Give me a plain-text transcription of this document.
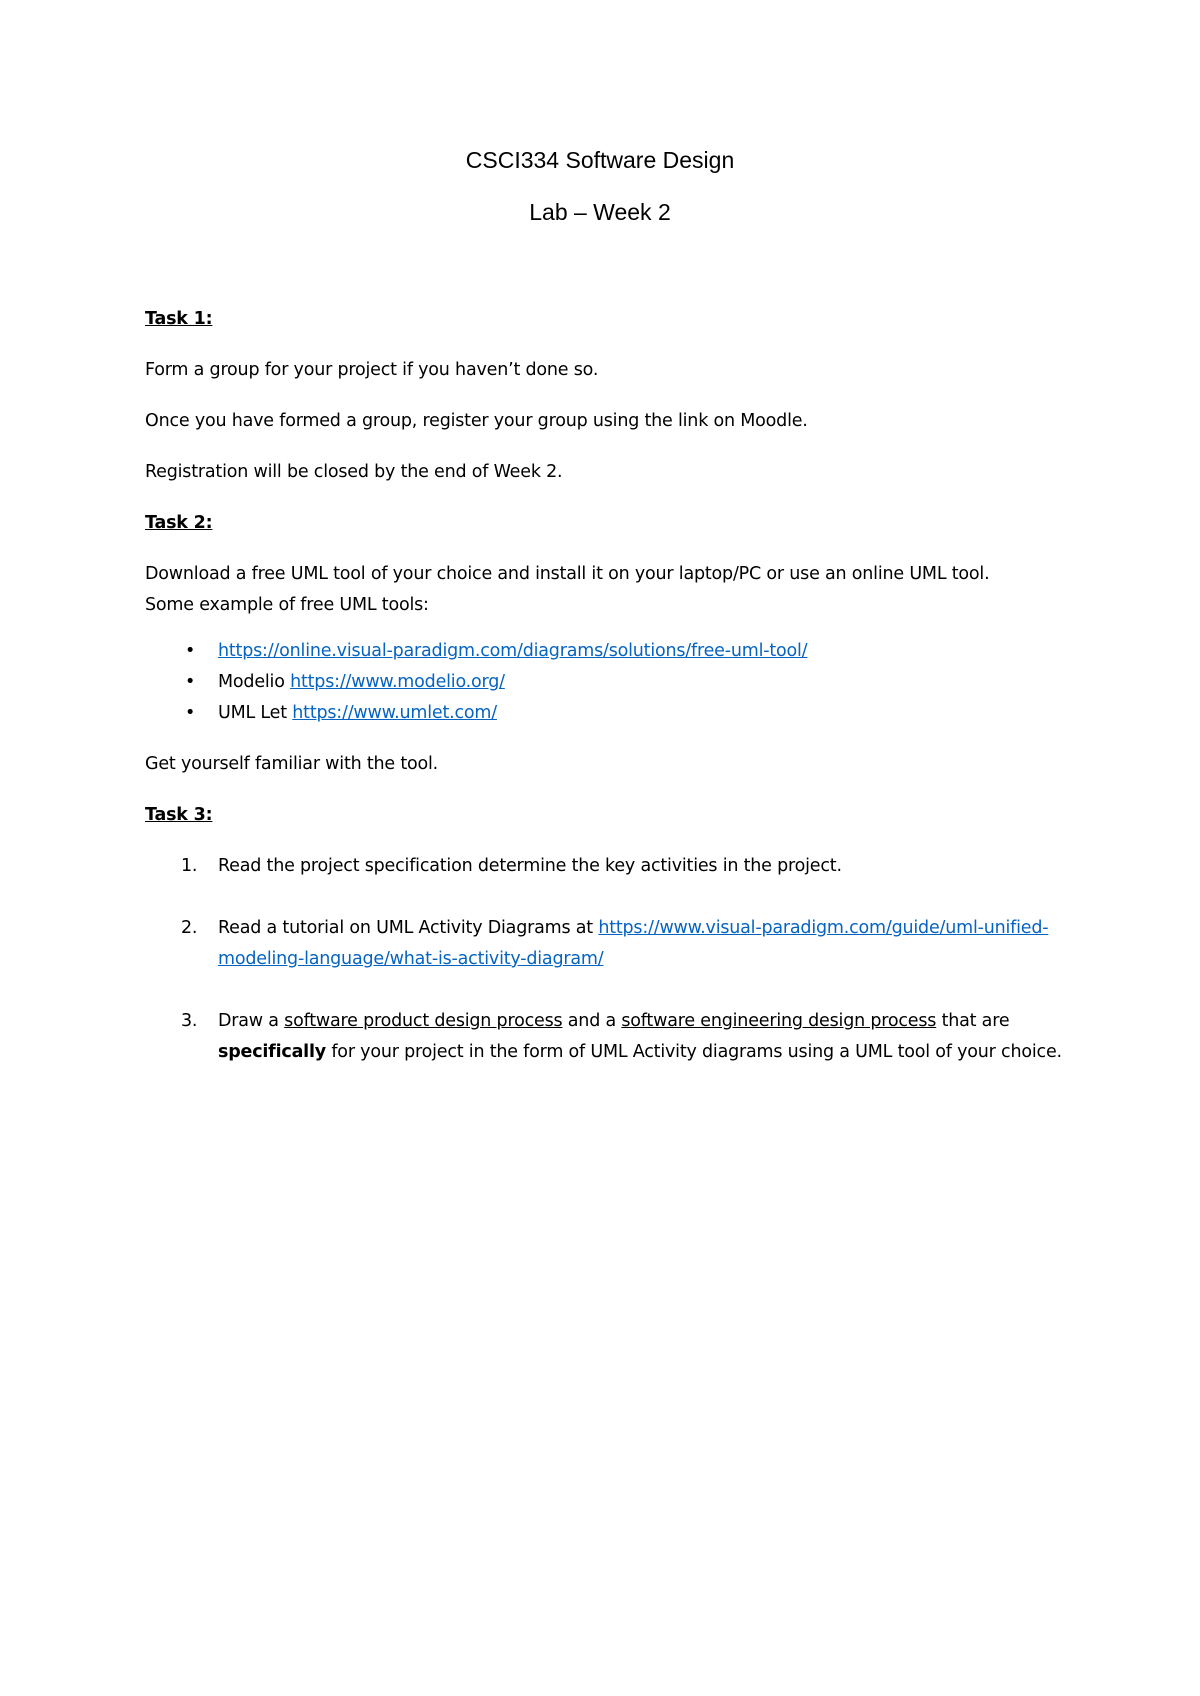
CSCI334 Software Design
Lab – Week 2

Task 1:

Form a group for your project if you haven’t done so.

Once you have formed a group, register your group using the link on Moodle.

Registration will be closed by the end of Week 2.

Task 2:

Download a free UML tool of your choice and install it on your laptop/PC or use an online UML tool.

Some example of free UML tools:

• https://online.visual-paradigm.com/diagrams/solutions/free-uml-tool/
• Modelio https://www.modelio.org/
• UML Let https://www.umlet.com/

Get yourself familiar with the tool.

Task 3:

1. Read the project specification determine the key activities in the project.
2. Read a tutorial on UML Activity Diagrams at https://www.visual-paradigm.com/guide/uml-unified-modeling-language/what-is-activity-diagram/
3. Draw a software product design process and a software engineering design process that are specifically for your project in the form of UML Activity diagrams using a UML tool of your choice.
